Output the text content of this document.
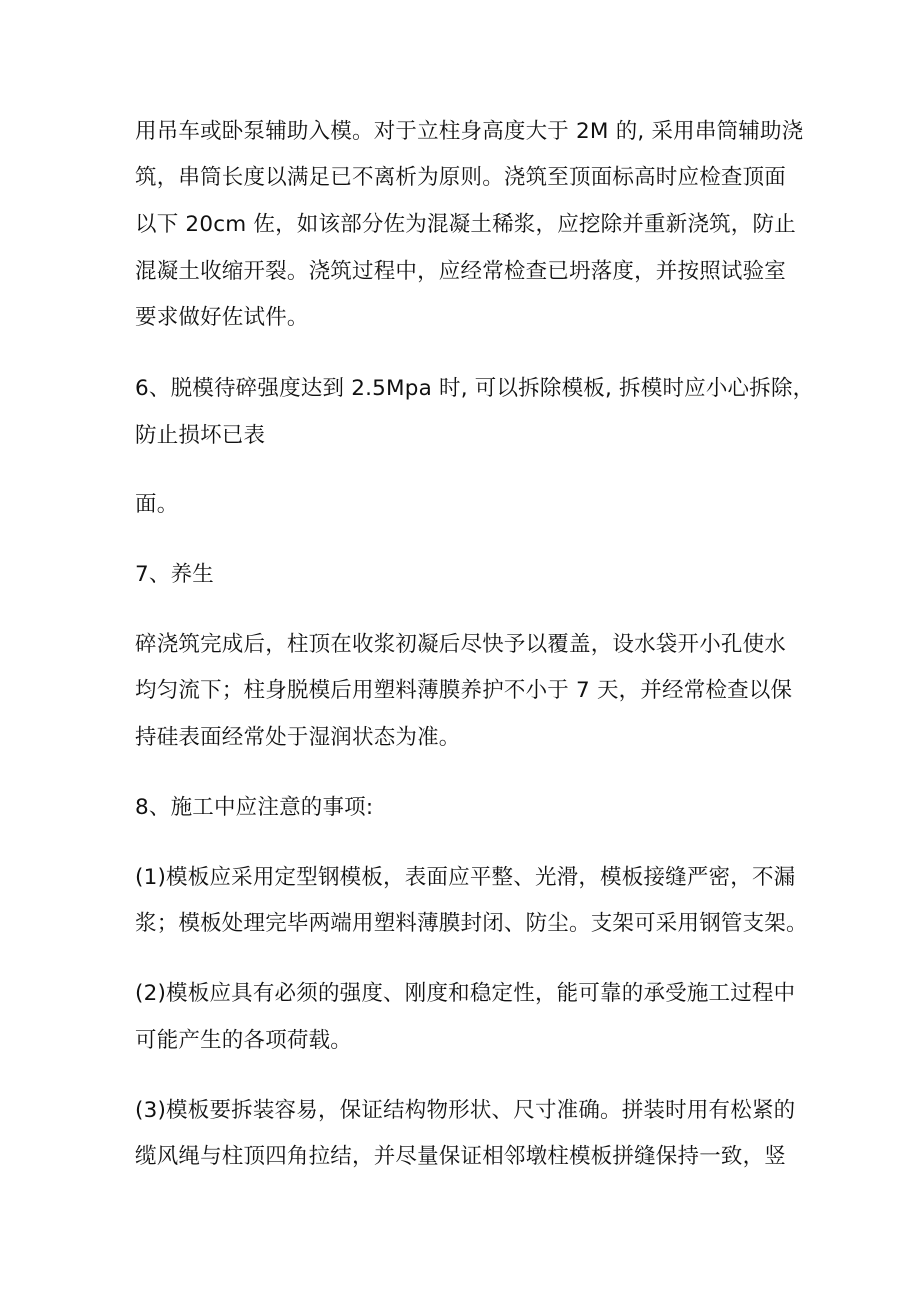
用吊车或卧泵辅助入模。对于立柱身高度大于 2M 的, 采用串筒辅助浇
筑，串筒长度以满足已不离析为原则。浇筑至顶面标高时应检查顶面
以下 20cm 佐，如该部分佐为混凝土稀浆，应挖除并重新浇筑，防止
混凝土收缩开裂。浇筑过程中，应经常检查已坍落度，并按照试验室
要求做好佐试件。
6、脱模待碎强度达到 2.5Mpa 时, 可以拆除模板, 拆模时应小心拆除，
防止损坏已表
面。
7、养生
碎浇筑完成后，柱顶在收浆初凝后尽快予以覆盖，设水袋开小孔使水
均匀流下；柱身脱模后用塑料薄膜养护不小于 7 天，并经常检查以保
持硅表面经常处于湿润状态为准。
8、施工中应注意的事项:
(1)模板应采用定型钢模板，表面应平整、光滑，模板接缝严密，不漏
浆；模板处理完毕两端用塑料薄膜封闭、防尘。支架可采用钢管支架。
(2)模板应具有必须的强度、刚度和稳定性，能可靠的承受施工过程中
可能产生的各项荷载。
(3)模板要拆装容易，保证结构物形状、尺寸准确。拼装时用有松紧的
缆风绳与柱顶四角拉结，并尽量保证相邻墩柱模板拼缝保持一致，竖
